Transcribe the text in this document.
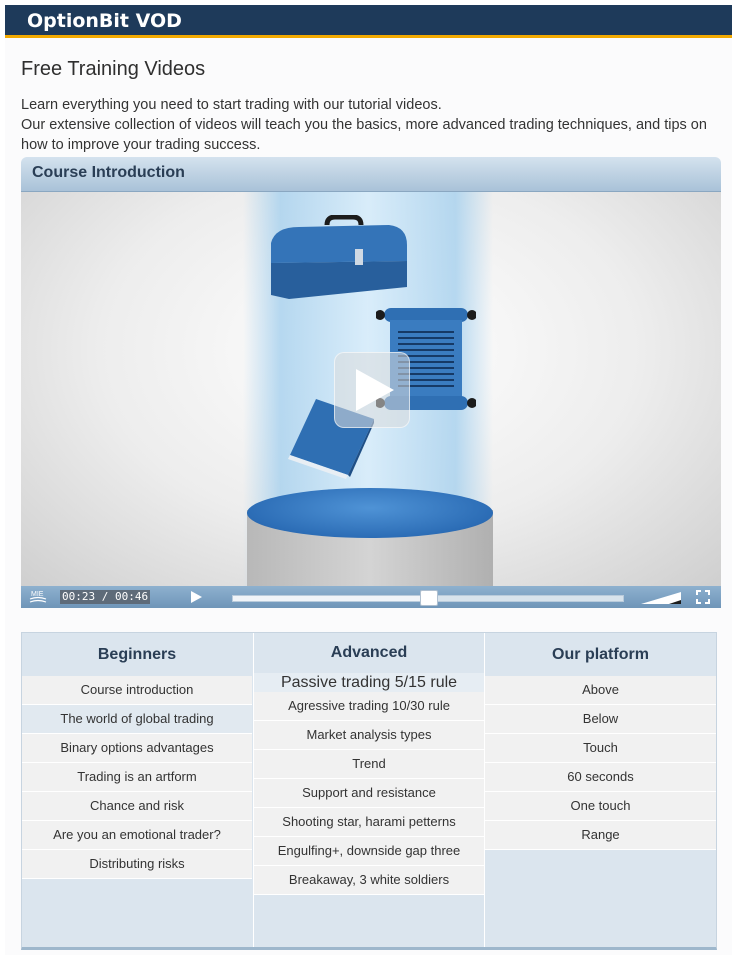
OptionBit VOD
Free Training Videos

Learn everything you need to start trading with our tutorial videos.

Our extensive collection of videos will teach you the basics, more advanced trading techniques, and tips on how to improve your trading success.

Course Introduction
MIE 00:23 / 00:46
Beginners
Course introduction
The world of global trading
Binary options advantages
Trading is an artform
Chance and risk
Are you an emotional trader?
Distributing risks
Advanced
Passive trading 5/15 rule
Agressive trading 10/30 rule
Market analysis types
Trend
Support and resistance
Shooting star, harami petterns
Engulfing+, downside gap three
Breakaway, 3 white soldiers
Our platform
Above
Below
Touch
60 seconds
One touch
Range
